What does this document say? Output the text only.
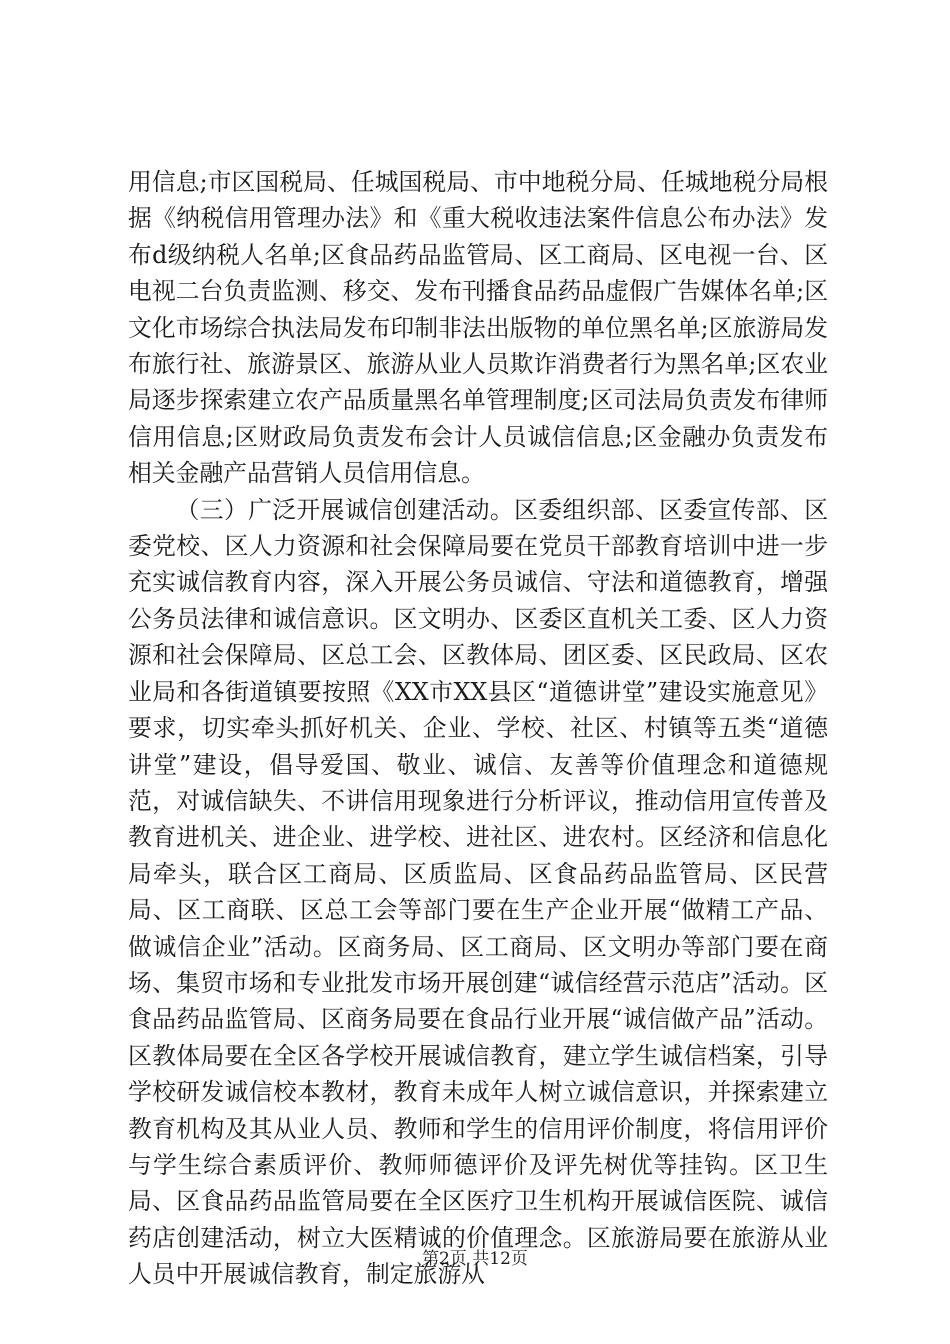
用信息;市区国税局、任城国税局、市中地税分局、任城地税分局根据《纳税信用管理办法》和《重大税收违法案件信息公布办法》发布d级纳税人名单;区食品药品监管局、区工商局、区电视一台、区电视二台负责监测、移交、发布刊播食品药品虚假广告媒体名单;区文化市场综合执法局发布印制非法出版物的单位黑名单;区旅游局发布旅行社、旅游景区、旅游从业人员欺诈消费者行为黑名单;区农业局逐步探索建立农产品质量黑名单管理制度;区司法局负责发布律师信用信息;区财政局负责发布会计人员诚信信息;区金融办负责发布相关金融产品营销人员信用信息。

（三）广泛开展诚信创建活动。区委组织部、区委宣传部、区委党校、区人力资源和社会保障局要在党员干部教育培训中进一步充实诚信教育内容，深入开展公务员诚信、守法和道德教育，增强公务员法律和诚信意识。区文明办、区委区直机关工委、区人力资源和社会保障局、区总工会、区教体局、团区委、区民政局、区农业局和各街道镇要按照《XX市XX县区“道德讲堂”建设实施意见》要求，切实牵头抓好机关、企业、学校、社区、村镇等五类“道德讲堂”建设，倡导爱国、敬业、诚信、友善等价值理念和道德规范，对诚信缺失、不讲信用现象进行分析评议，推动信用宣传普及教育进机关、进企业、进学校、进社区、进农村。区经济和信息化局牵头，联合区工商局、区质监局、区食品药品监管局、区民营局、区工商联、区总工会等部门要在生产企业开展“做精工产品、做诚信企业”活动。区商务局、区工商局、区文明办等部门要在商场、集贸市场和专业批发市场开展创建“诚信经营示范店”活动。区食品药品监管局、区商务局要在食品行业开展“诚信做产品”活动。区教体局要在全区各学校开展诚信教育，建立学生诚信档案，引导学校研发诚信校本教材，教育未成年人树立诚信意识，并探索建立教育机构及其从业人员、教师和学生的信用评价制度，将信用评价与学生综合素质评价、教师师德评价及评先树优等挂钩。区卫生局、区食品药品监管局要在全区医疗卫生机构开展诚信医院、诚信药店创建活动，树立大医精诚的价值理念。区旅游局要在旅游从业人员中开展诚信教育，制定旅游从

第2页 共12页
